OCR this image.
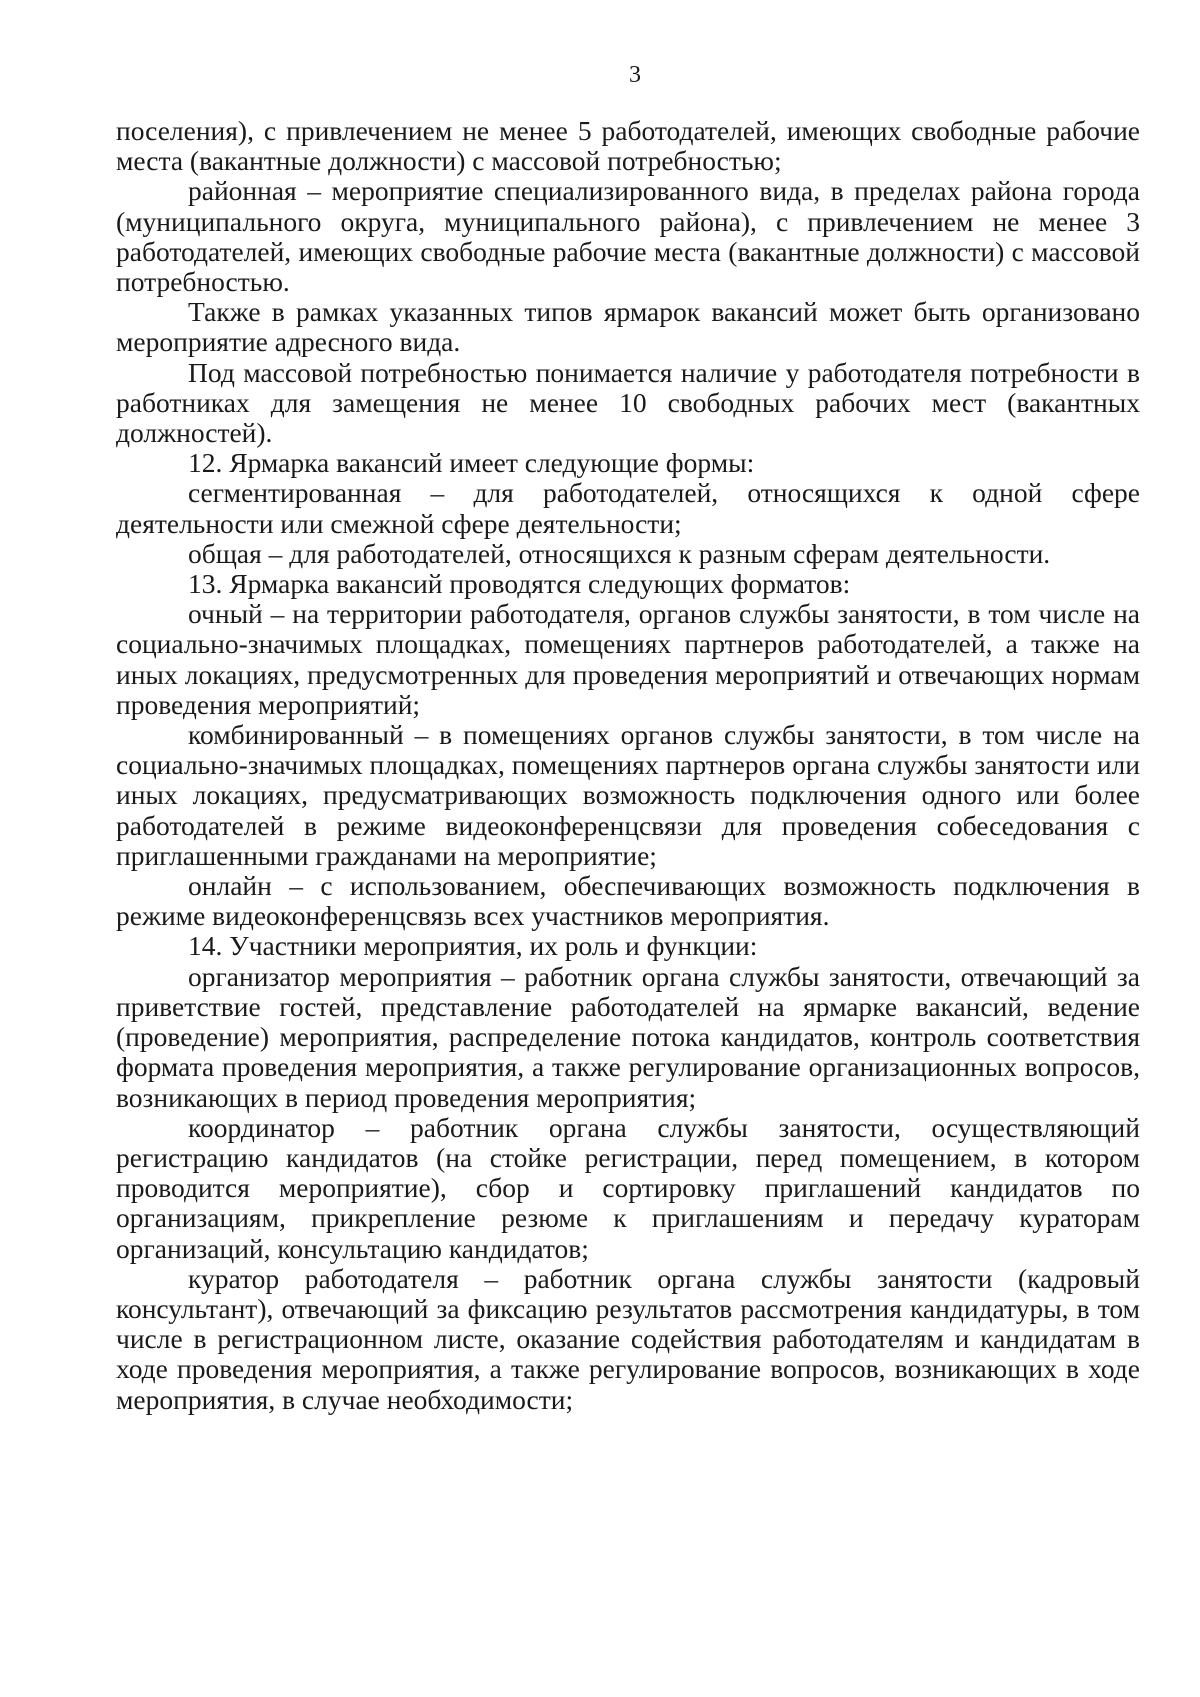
3

поселения), с привлечением не менее 5 работодателей, имеющих свободные рабочие места (вакантные должности) с массовой потребностью;

районная – мероприятие специализированного вида, в пределах района города (муниципального округа, муниципального района), с привлечением не менее 3 работодателей, имеющих свободные рабочие места (вакантные должности) с массовой потребностью.

Также в рамках указанных типов ярмарок вакансий может быть организовано мероприятие адресного вида.

Под массовой потребностью понимается наличие у работодателя потребности в работниках для замещения не менее 10 свободных рабочих мест (вакантных должностей).

12. Ярмарка вакансий имеет следующие формы:

сегментированная – для работодателей, относящихся к одной сфере деятельности или смежной сфере деятельности;

общая – для работодателей, относящихся к разным сферам деятельности.

13. Ярмарка вакансий проводятся следующих форматов:

очный – на территории работодателя, органов службы занятости, в том числе на социально-значимых площадках, помещениях партнеров работодателей, а также на иных локациях, предусмотренных для проведения мероприятий и отвечающих нормам проведения мероприятий;

комбинированный – в помещениях органов службы занятости, в том числе на социально-значимых площадках, помещениях партнеров органа службы занятости или иных локациях, предусматривающих возможность подключения одного или более работодателей в режиме видеоконференцсвязи для проведения собеседования с приглашенными гражданами на мероприятие;

онлайн – с использованием, обеспечивающих возможность подключения в режиме видеоконференцсвязь всех участников мероприятия.

14. Участники мероприятия, их роль и функции:

организатор мероприятия – работник органа службы занятости, отвечающий за приветствие гостей, представление работодателей на ярмарке вакансий, ведение (проведение) мероприятия, распределение потока кандидатов, контроль соответствия формата проведения мероприятия, а также регулирование организационных вопросов, возникающих в период проведения мероприятия;

координатор – работник органа службы занятости, осуществляющий регистрацию кандидатов (на стойке регистрации, перед помещением, в котором проводится мероприятие), сбор и сортировку приглашений кандидатов по организациям, прикрепление резюме к приглашениям и передачу кураторам организаций, консультацию кандидатов;

куратор работодателя – работник органа службы занятости (кадровый консультант), отвечающий за фиксацию результатов рассмотрения кандидатуры, в том числе в регистрационном листе, оказание содействия работодателям и кандидатам в ходе проведения мероприятия, а также регулирование вопросов, возникающих в ходе мероприятия, в случае необходимости;
